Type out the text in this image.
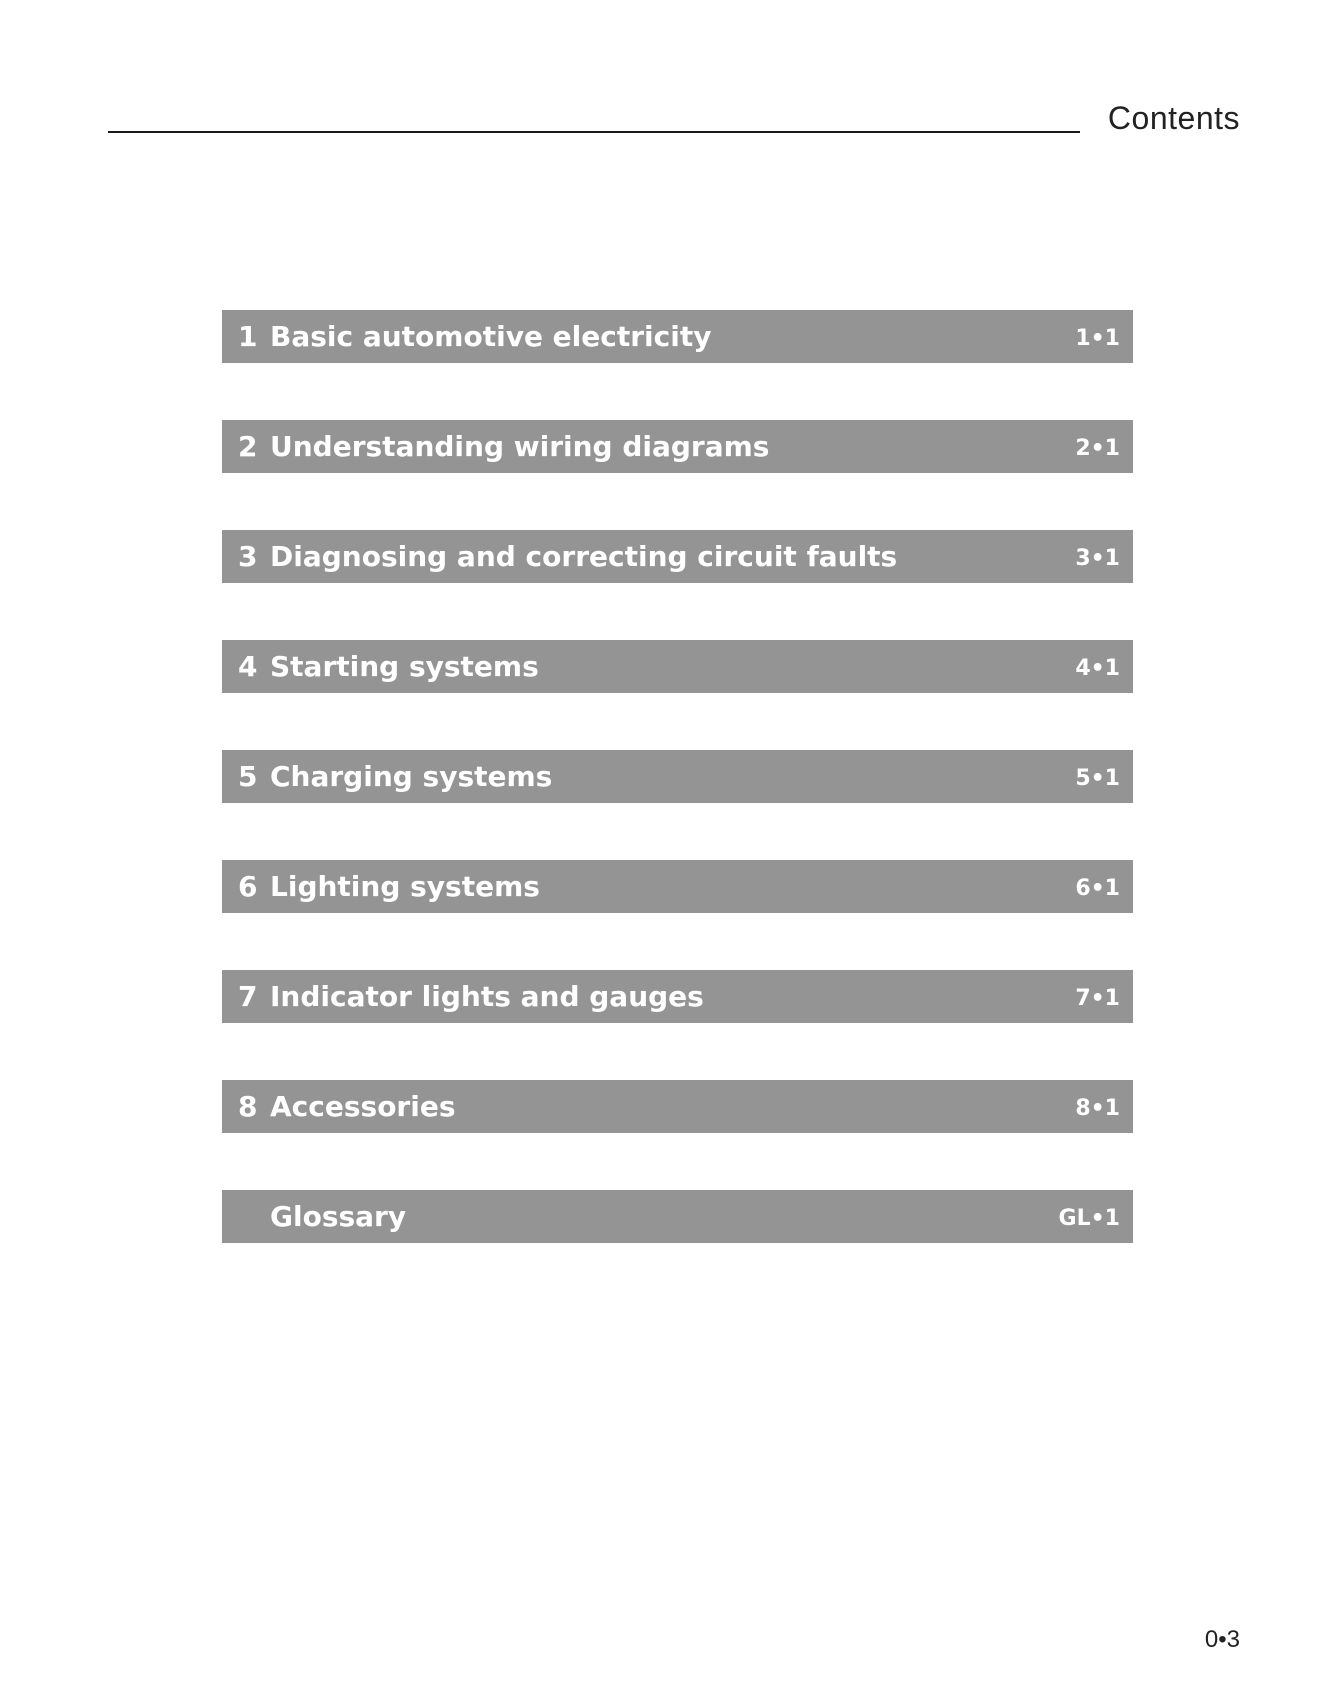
Contents
1 Basic automotive electricity	1•1
2 Understanding wiring diagrams	2•1
3 Diagnosing and correcting circuit faults	3•1
4 Starting systems	4•1
5 Charging systems	5•1
6 Lighting systems	6•1
7 Indicator lights and gauges	7•1
8 Accessories	8•1
Glossary	GL•1
0•3
